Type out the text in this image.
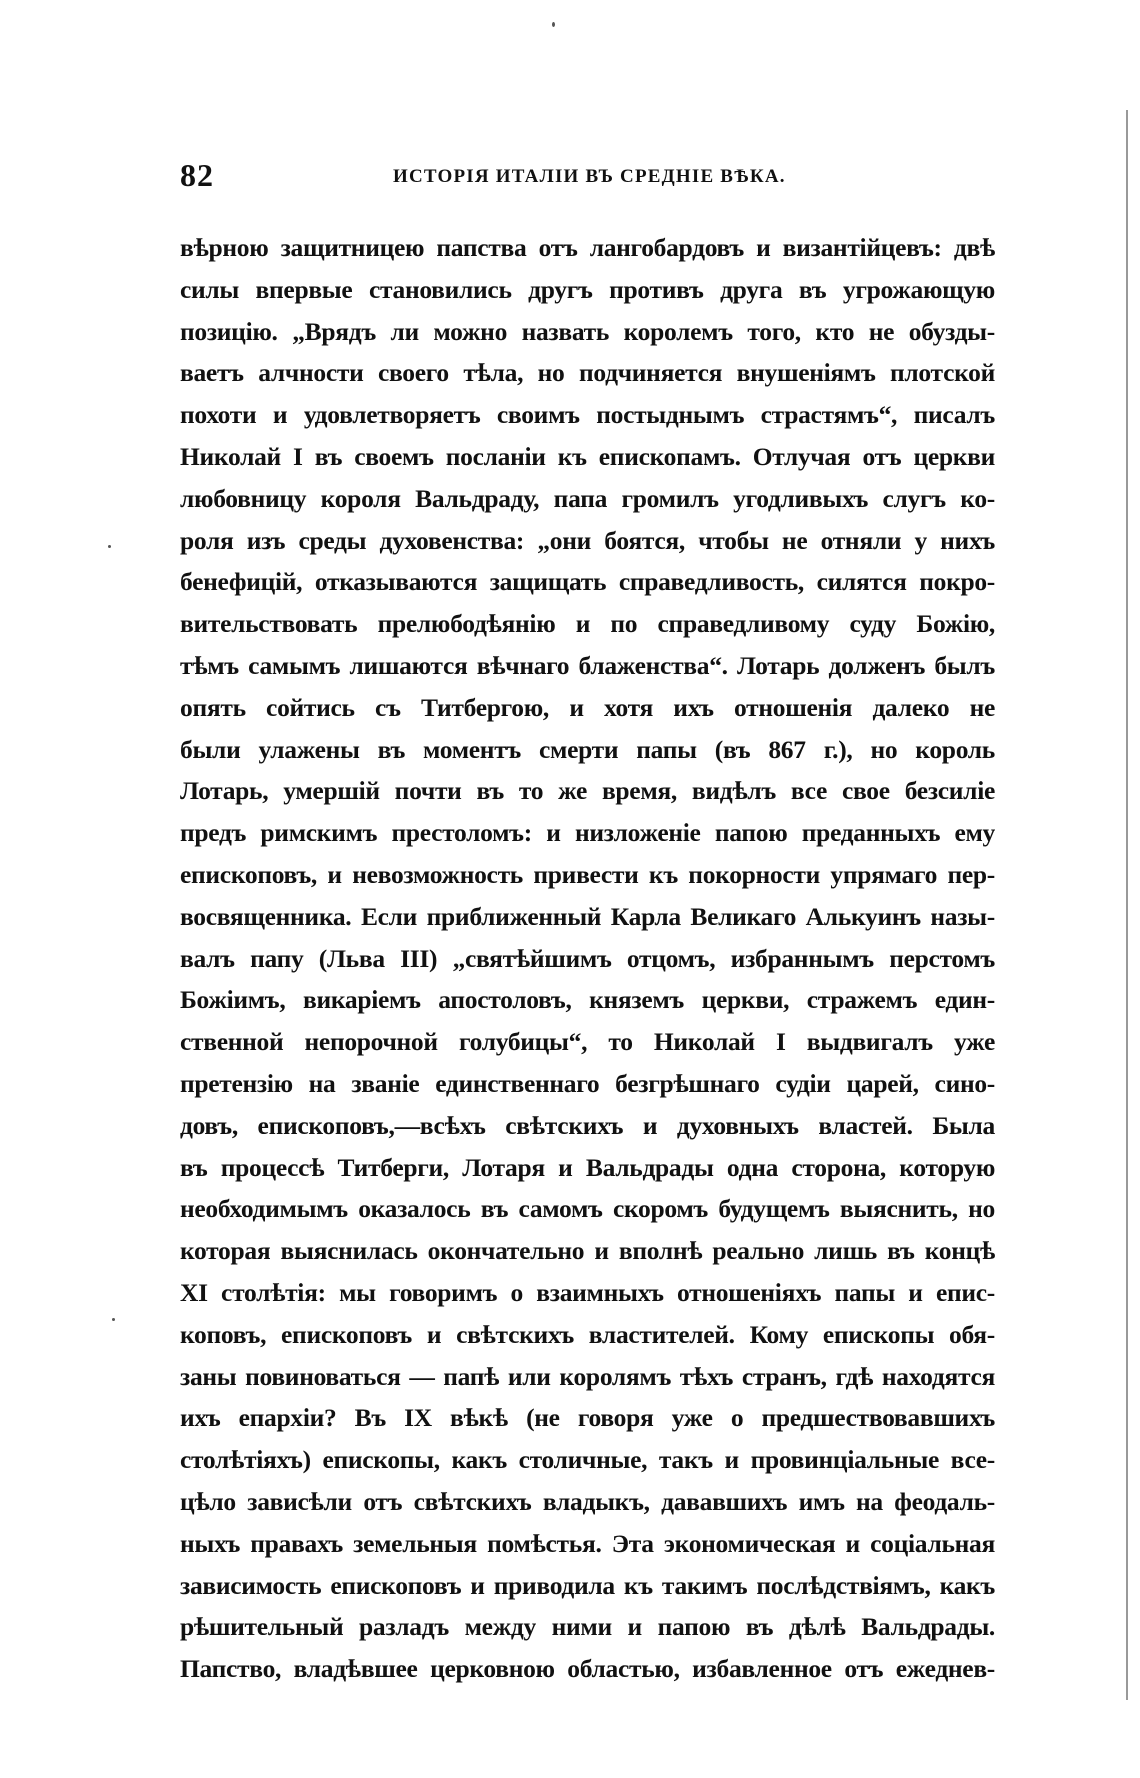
82	ИСТОРІЯ ИТАЛІИ ВЪ СРЕДНІЕ ВѢКА.
вѣрною защитницею папства отъ лангобардовъ и византійцевъ: двѣ
силы впервые становились другъ противъ друга въ угрожающую
позицію. „Врядъ ли можно назвать королемъ того, кто не обузды-
ваетъ алчности своего тѣла, но подчиняется внушеніямъ плотской
похоти и удовлетворяетъ своимъ постыднымъ страстямъ“, писалъ
Николай I въ своемъ посланіи къ епископамъ. Отлучая отъ церкви
любовницу короля Вальдраду, папа громилъ угодливыхъ слугъ ко-
роля изъ среды духовенства: „они боятся, чтобы не отняли у нихъ
бенефицій, отказываются защищать справедливость, силятся покро-
вительствовать прелюбодѣянію и по справедливому суду Божію,
тѣмъ самымъ лишаются вѣчнаго блаженства“. Лотарь долженъ былъ
опять сойтись съ Титбергою, и хотя ихъ отношенія далеко не
были улажены въ моментъ смерти папы (въ 867 г.), но король
Лотарь, умершій почти въ то же время, видѣлъ все свое безсиліе
предъ римскимъ престоломъ: и низложеніе папою преданныхъ ему
епископовъ, и невозможность привести къ покорности упрямаго пер-
восвященника. Если приближенный Карла Великаго Алькуинъ назы-
валъ папу (Льва III) „святѣйшимъ отцомъ, избраннымъ перстомъ
Божіимъ, викаріемъ апостоловъ, княземъ церкви, стражемъ един-
ственной непорочной голубицы“, то Николай I выдвигалъ уже
претензію на званіе единственнаго безгрѣшнаго судіи царей, сино-
довъ, епископовъ,—всѣхъ свѣтскихъ и духовныхъ властей. Была
въ процессѣ Титберги, Лотаря и Вальдрады одна сторона, которую
необходимымъ оказалось въ самомъ скоромъ будущемъ выяснить, но
которая выяснилась окончательно и вполнѣ реально лишь въ концѣ
XI столѣтія: мы говоримъ о взаимныхъ отношеніяхъ папы и епис-
коповъ, епископовъ и свѣтскихъ властителей. Кому епископы обя-
заны повиноваться — папѣ или королямъ тѣхъ странъ, гдѣ находятся
ихъ епархіи? Въ IX вѣкѣ (не говоря уже о предшествовавшихъ
столѣтіяхъ) епископы, какъ столичные, такъ и провинціальные все-
цѣло зависѣли отъ свѣтскихъ владыкъ, дававшихъ имъ на феодаль-
ныхъ правахъ земельныя помѣстья. Эта экономическая и соціальная
зависимость епископовъ и приводила къ такимъ послѣдствіямъ, какъ
рѣшительный разладъ между ними и папою въ дѣлѣ Вальдрады.
Папство, владѣвшее церковною областью, избавленное отъ ежеднев-
